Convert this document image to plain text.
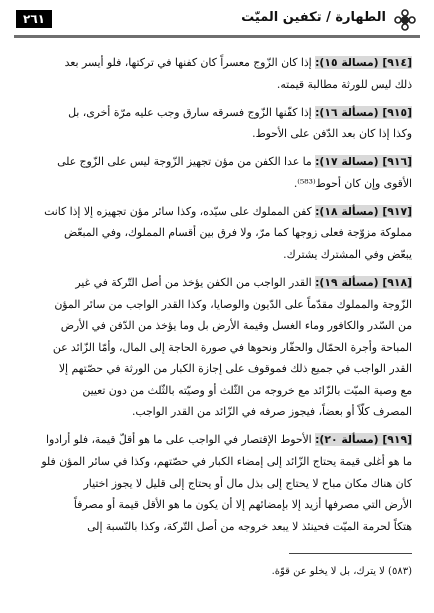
٢٦١	الطهارة / تكفين الميّت

[٩١٤] (مسالة ١٥): إذا كان الزّوج معسراً كان كفنها في تركتها، فلو أيسر بعد
ذلك ليس للورثة مطالبة قيمته.

[٩١٥] (مسألة ١٦): إذا كفّنها الزّوج فسرقه سارق وجب عليه مرّة أخرى، بل
وكذا إذا كان بعد الدّفن على الأحوط.

[٩١٦] (مسالة ١٧): ما عدا الكفن من مؤن تجهيز الزّوجة ليس على الزّوج على
الأقوى وإن كان أحوط⁽⁵⁸³⁾.

[٩١٧] (مسألة ١٨): كفن المملوك على سيّده، وكذا سائر مؤن تجهيزه إلا إذا كانت
مملوكة مزوّجة فعلى زوجها كما مرّ، ولا فرق بين أقسام المملوك، وفي المبعّض
يبعّض وفي المشترك يشترك.

[٩١٨] (مسألة ١٩): القدر الواجب من الكفن يؤخذ من أصل التّركة في غير
الزّوجة والمملوك مقدّماً على الدّيون والوصايا، وكذا القدر الواجب من سائر المؤن
من السّدر والكافور وماء الغسل وقيمة الأرض بل وما يؤخذ من الدّفن في الأرض
المباحة وأجرة الحمّال والحفّار ونحوها في صورة الحاجة إلى المال، وأمّا الزّائد عن
القدر الواجب في جميع ذلك فموقوف على إجازة الكبار من الورثة في حصّتهم إلا
مع وصية الميّت بالزّائد مع خروجه من الثّلث أو وصيّته بالثّلث من دون تعيين
المصرف كلّاً أو بعضاً، فيجوز صرفه في الزّائد من القدر الواجب.

[٩١٩] (مسألة ٢٠): الأحوط الإقتصار في الواجب على ما هو أقلّ قيمة، فلو أرادوا
ما هو أغلى قيمة يحتاج الزّائد إلى إمضاء الكبار في حصّتهم، وكذا في سائر المؤن فلو
كان هناك مكان مباح لا يحتاج إلى بذل مال أو يحتاج إلى قليل لا يجوز اختيار
الأرض التي مصرفها أزيد إلا بإمضائهم إلا أن يكون ما هو الأقل قيمة أو مصرفاً
هتكاً لحرمة الميّت فحينئذ لا يبعد خروجه من أصل التّركة، وكذا بالنّسبة إلى

(٥٨٣) لا يترك، بل لا يخلو عن قوّة.
